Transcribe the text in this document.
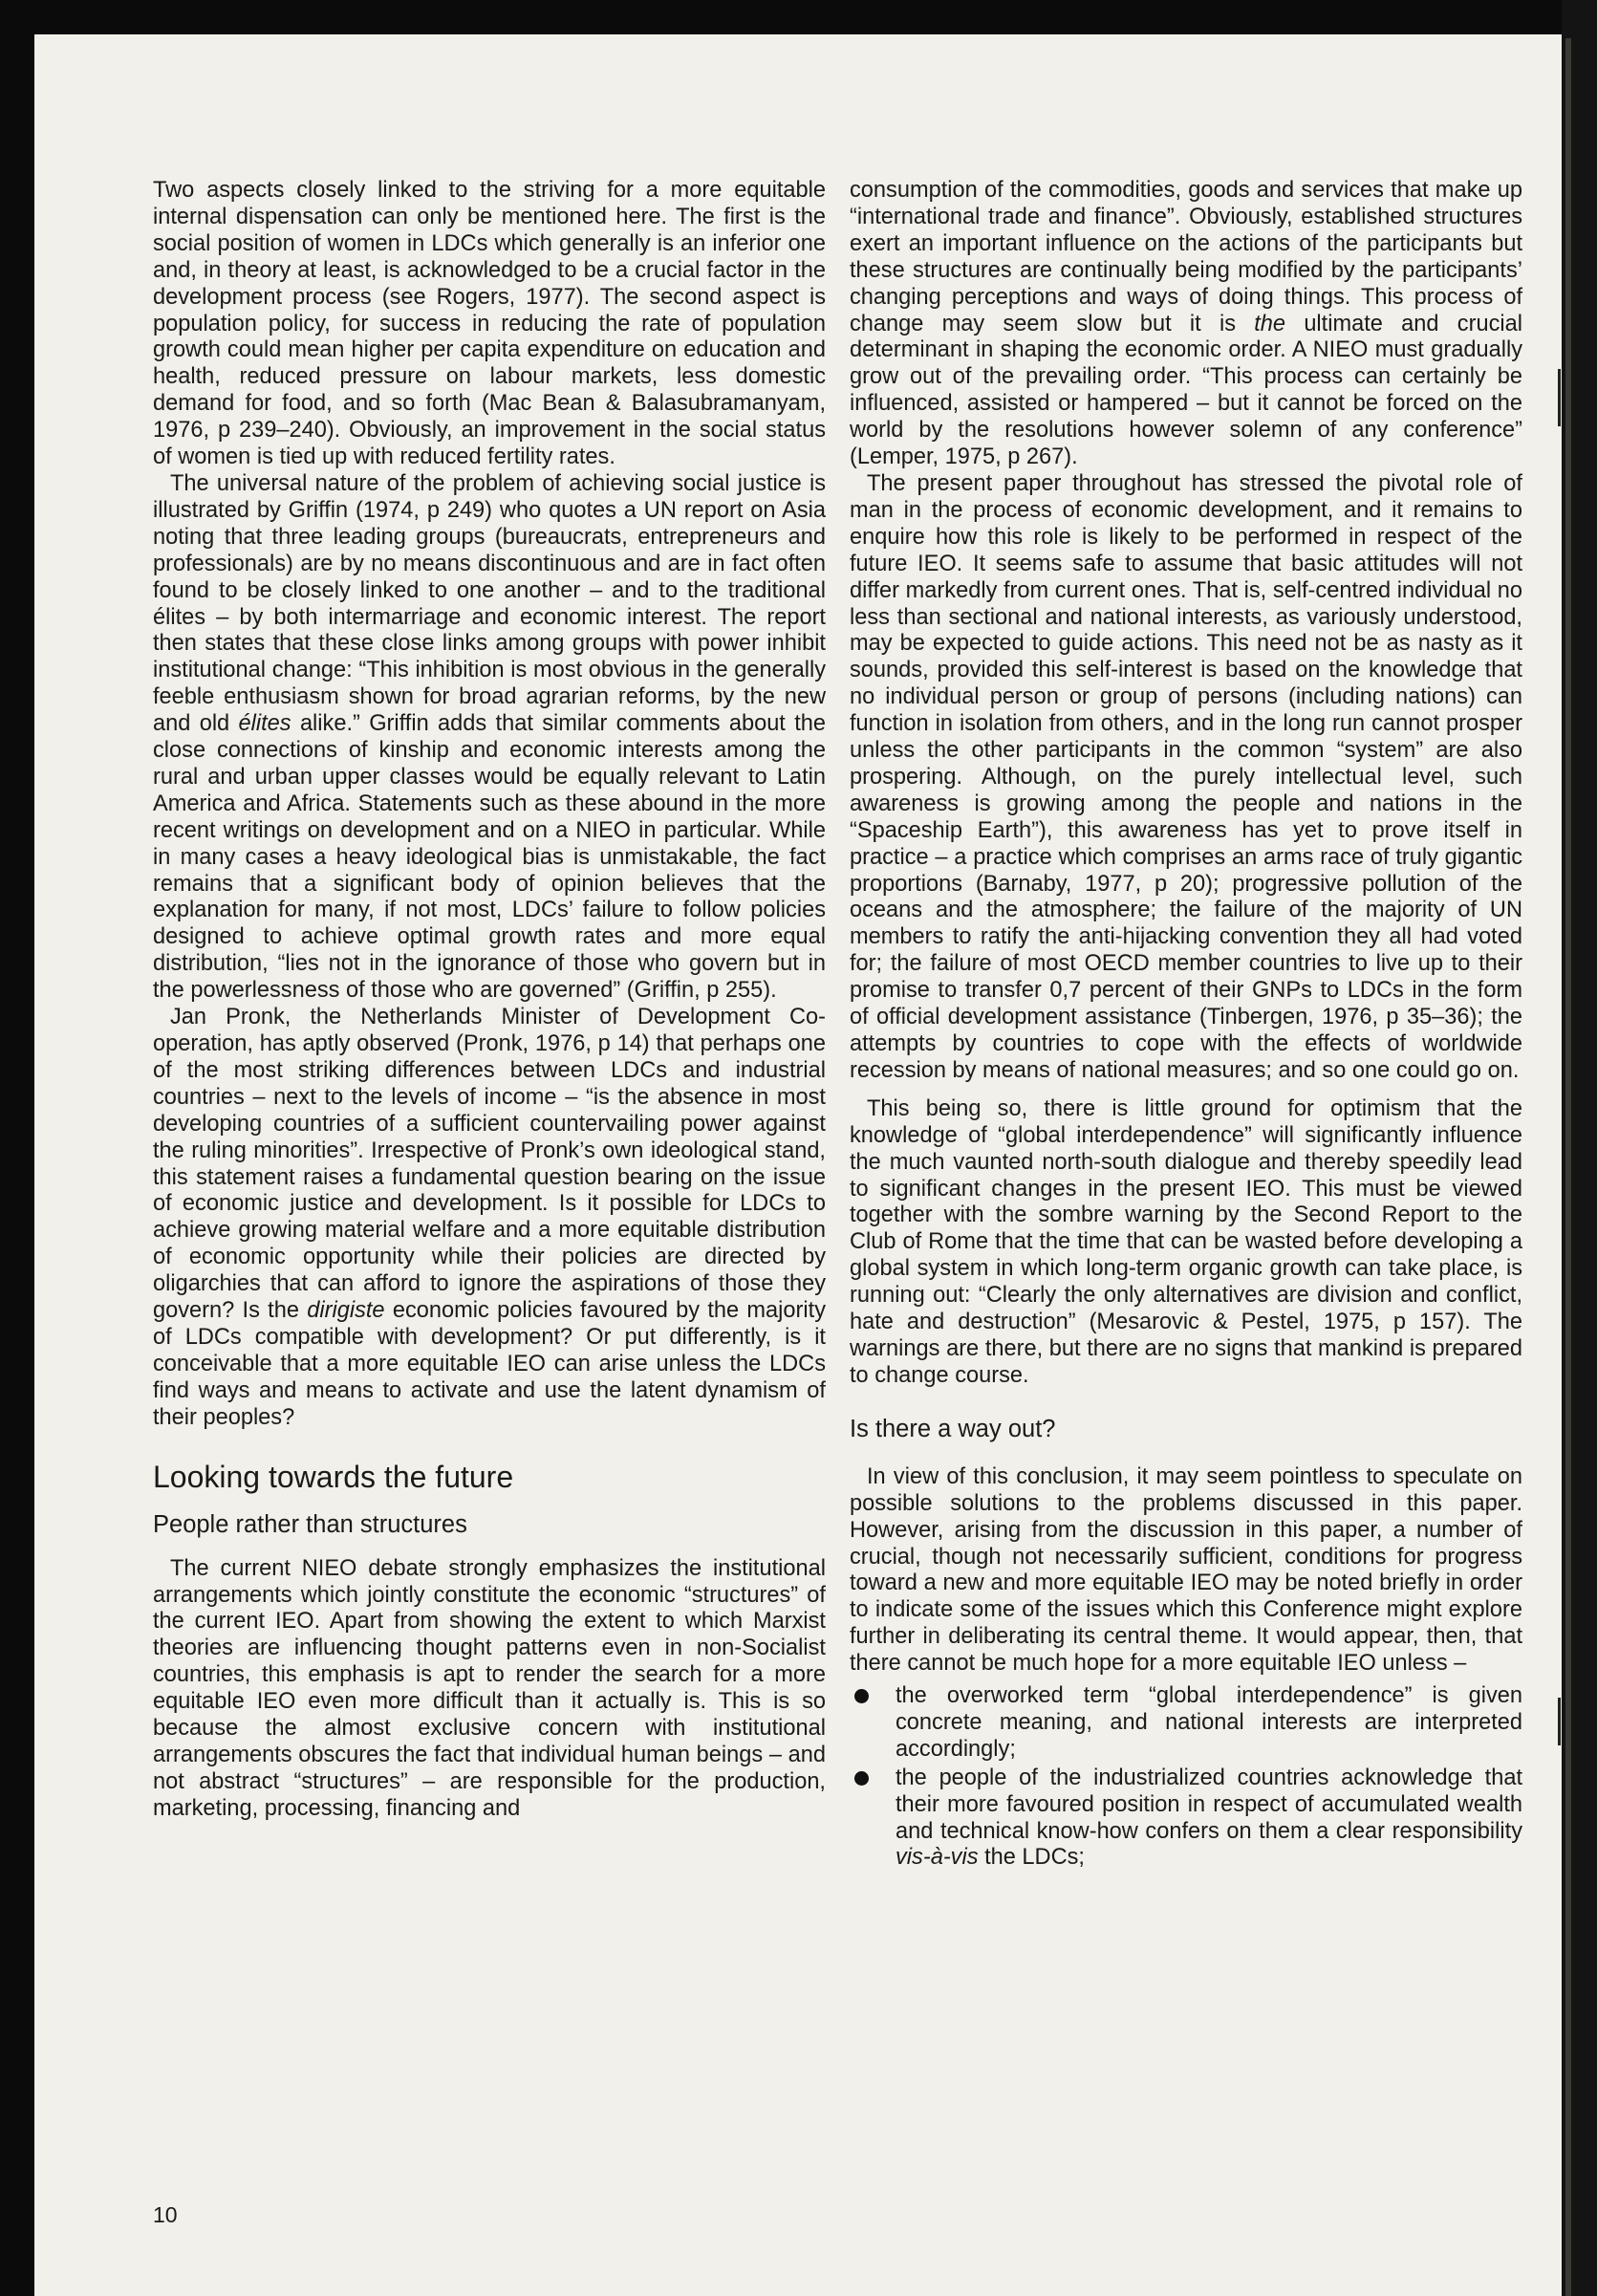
Two aspects closely linked to the striving for a more equitable internal dispensation can only be mentioned here. The first is the social position of women in LDCs which generally is an inferior one and, in theory at least, is acknowledged to be a crucial factor in the development process (see Rogers, 1977). The second aspect is population policy, for success in reducing the rate of population growth could mean higher per capita expenditure on education and health, reduced pressure on labour markets, less domestic demand for food, and so forth (Mac Bean & Balasubramanyam, 1976, p 239–240). Obviously, an improvement in the social status of women is tied up with reduced fertility rates.

The universal nature of the problem of achieving social justice is illustrated by Griffin (1974, p 249) who quotes a UN report on Asia noting that three leading groups (bureaucrats, entrepreneurs and professionals) are by no means discontinuous and are in fact often found to be closely linked to one another – and to the traditional élites – by both intermarriage and economic interest. The report then states that these close links among groups with power inhibit institutional change: “This inhibition is most obvious in the generally feeble enthusiasm shown for broad agrarian reforms, by the new and old élites alike.” Griffin adds that similar comments about the close connections of kinship and economic interests among the rural and urban upper classes would be equally relevant to Latin America and Africa. Statements such as these abound in the more recent writings on development and on a NIEO in particular. While in many cases a heavy ideological bias is unmistakable, the fact remains that a significant body of opinion believes that the explanation for many, if not most, LDCs’ failure to follow policies designed to achieve optimal growth rates and more equal distribution, “lies not in the ignorance of those who govern but in the powerlessness of those who are governed” (Griffin, p 255).

Jan Pronk, the Netherlands Minister of Development Co-operation, has aptly observed (Pronk, 1976, p 14) that perhaps one of the most striking differences between LDCs and industrial countries – next to the levels of income – “is the absence in most developing countries of a sufficient countervailing power against the ruling minorities”. Irrespective of Pronk’s own ideological stand, this statement raises a fundamental question bearing on the issue of economic justice and development. Is it possible for LDCs to achieve growing material welfare and a more equitable distribution of economic opportunity while their policies are directed by oligarchies that can afford to ignore the aspirations of those they govern? Is the dirigiste economic policies favoured by the majority of LDCs compatible with development? Or put differently, is it conceivable that a more equitable IEO can arise unless the LDCs find ways and means to activate and use the latent dynamism of their peoples?

Looking towards the future
People rather than structures

The current NIEO debate strongly emphasizes the institutional arrangements which jointly constitute the economic “structures” of the current IEO. Apart from showing the extent to which Marxist theories are influencing thought patterns even in non-Socialist countries, this emphasis is apt to render the search for a more equitable IEO even more difficult than it actually is. This is so because the almost exclusive concern with institutional arrangements obscures the fact that individual human beings – and not abstract “structures” – are responsible for the production, marketing, processing, financing and

consumption of the commodities, goods and services that make up “international trade and finance”. Obviously, established structures exert an important influence on the actions of the participants but these structures are continually being modified by the participants’ changing perceptions and ways of doing things. This process of change may seem slow but it is the ultimate and crucial determinant in shaping the economic order. A NIEO must gradually grow out of the prevailing order. “This process can certainly be influenced, assisted or hampered – but it cannot be forced on the world by the resolutions however solemn of any conference” (Lemper, 1975, p 267).

The present paper throughout has stressed the pivotal role of man in the process of economic development, and it remains to enquire how this role is likely to be performed in respect of the future IEO. It seems safe to assume that basic attitudes will not differ markedly from current ones. That is, self-centred individual no less than sectional and national interests, as variously understood, may be expected to guide actions. This need not be as nasty as it sounds, provided this self-interest is based on the knowledge that no individual person or group of persons (including nations) can function in isolation from others, and in the long run cannot prosper unless the other participants in the common “system” are also prospering. Although, on the purely intellectual level, such awareness is growing among the people and nations in the “Spaceship Earth”), this awareness has yet to prove itself in practice – a practice which comprises an arms race of truly gigantic proportions (Barnaby, 1977, p 20); progressive pollution of the oceans and the atmosphere; the failure of the majority of UN members to ratify the anti-hijacking convention they all had voted for; the failure of most OECD member countries to live up to their promise to transfer 0,7 percent of their GNPs to LDCs in the form of official development assistance (Tinbergen, 1976, p 35–36); the attempts by countries to cope with the effects of worldwide recession by means of national measures; and so one could go on.

This being so, there is little ground for optimism that the knowledge of “global interdependence” will significantly influence the much vaunted north-south dialogue and thereby speedily lead to significant changes in the present IEO. This must be viewed together with the sombre warning by the Second Report to the Club of Rome that the time that can be wasted before developing a global system in which long-term organic growth can take place, is running out: “Clearly the only alternatives are division and conflict, hate and destruction” (Mesarovic & Pestel, 1975, p 157). The warnings are there, but there are no signs that mankind is prepared to change course.

Is there a way out?

In view of this conclusion, it may seem pointless to speculate on possible solutions to the problems discussed in this paper. However, arising from the discussion in this paper, a number of crucial, though not necessarily sufficient, conditions for progress toward a new and more equitable IEO may be noted briefly in order to indicate some of the issues which this Conference might explore further in deliberating its central theme. It would appear, then, that there cannot be much hope for a more equitable IEO unless –

the overworked term “global interdependence” is given concrete meaning, and national interests are interpreted accordingly;
the people of the industrialized countries acknowledge that their more favoured position in respect of accumulated wealth and technical know-how confers on them a clear responsibility vis-à-vis the LDCs;
10
